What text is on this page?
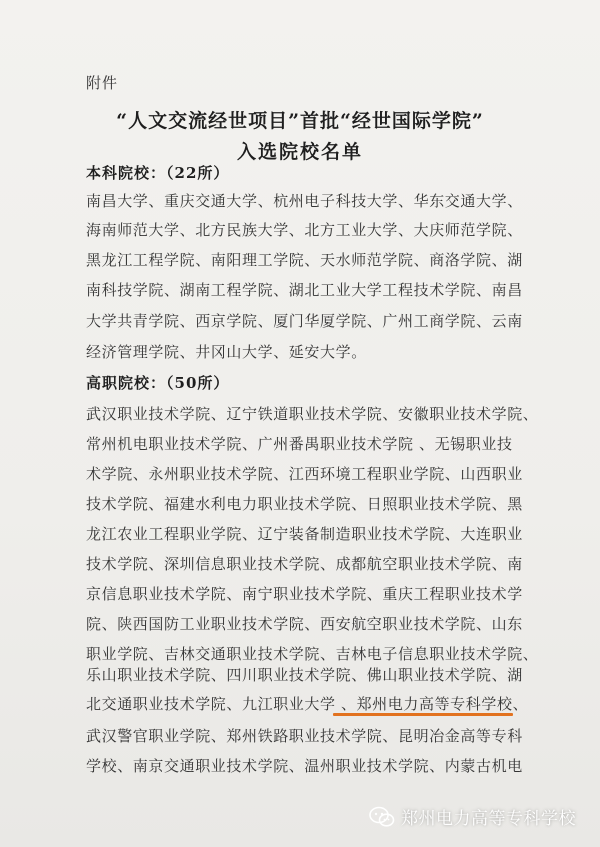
附件
“人文交流经世项目”首批“经世国际学院”
入选院校名单
本科院校：（22所）
南昌大学、重庆交通大学、杭州电子科技大学、华东交通大学、
海南师范大学、北方民族大学、北方工业大学、大庆师范学院、
黑龙江工程学院、南阳理工学院、天水师范学院、商洛学院、湖
南科技学院、湖南工程学院、湖北工业大学工程技术学院、南昌
大学共青学院、西京学院、厦门华厦学院、广州工商学院、云南
经济管理学院、井冈山大学、延安大学。
高职院校：（50所）
武汉职业技术学院、辽宁铁道职业技术学院、安徽职业技术学院、
常州机电职业技术学院、广州番禺职业技术学院 、无锡职业技
术学院、永州职业技术学院、江西环境工程职业学院、山西职业
技术学院、福建水利电力职业技术学院、日照职业技术学院、黑
龙江农业工程职业学院、辽宁装备制造职业技术学院、大连职业
技术学院、深圳信息职业技术学院、成都航空职业技术学院、南
京信息职业技术学院、南宁职业技术学院、重庆工程职业技术学
院、陕西国防工业职业技术学院、西安航空职业技术学院、山东
职业学院、吉林交通职业技术学院、吉林电子信息职业技术学院、
乐山职业技术学院、四川职业技术学院、佛山职业技术学院、湖
北交通职业技术学院、九江职业大学 、郑州电力高等专科学校、
武汉警官职业学院、郑州铁路职业技术学院、昆明冶金高等专科
学校、南京交通职业技术学院、温州职业技术学院、内蒙古机电
郑州电力高等专科学校
